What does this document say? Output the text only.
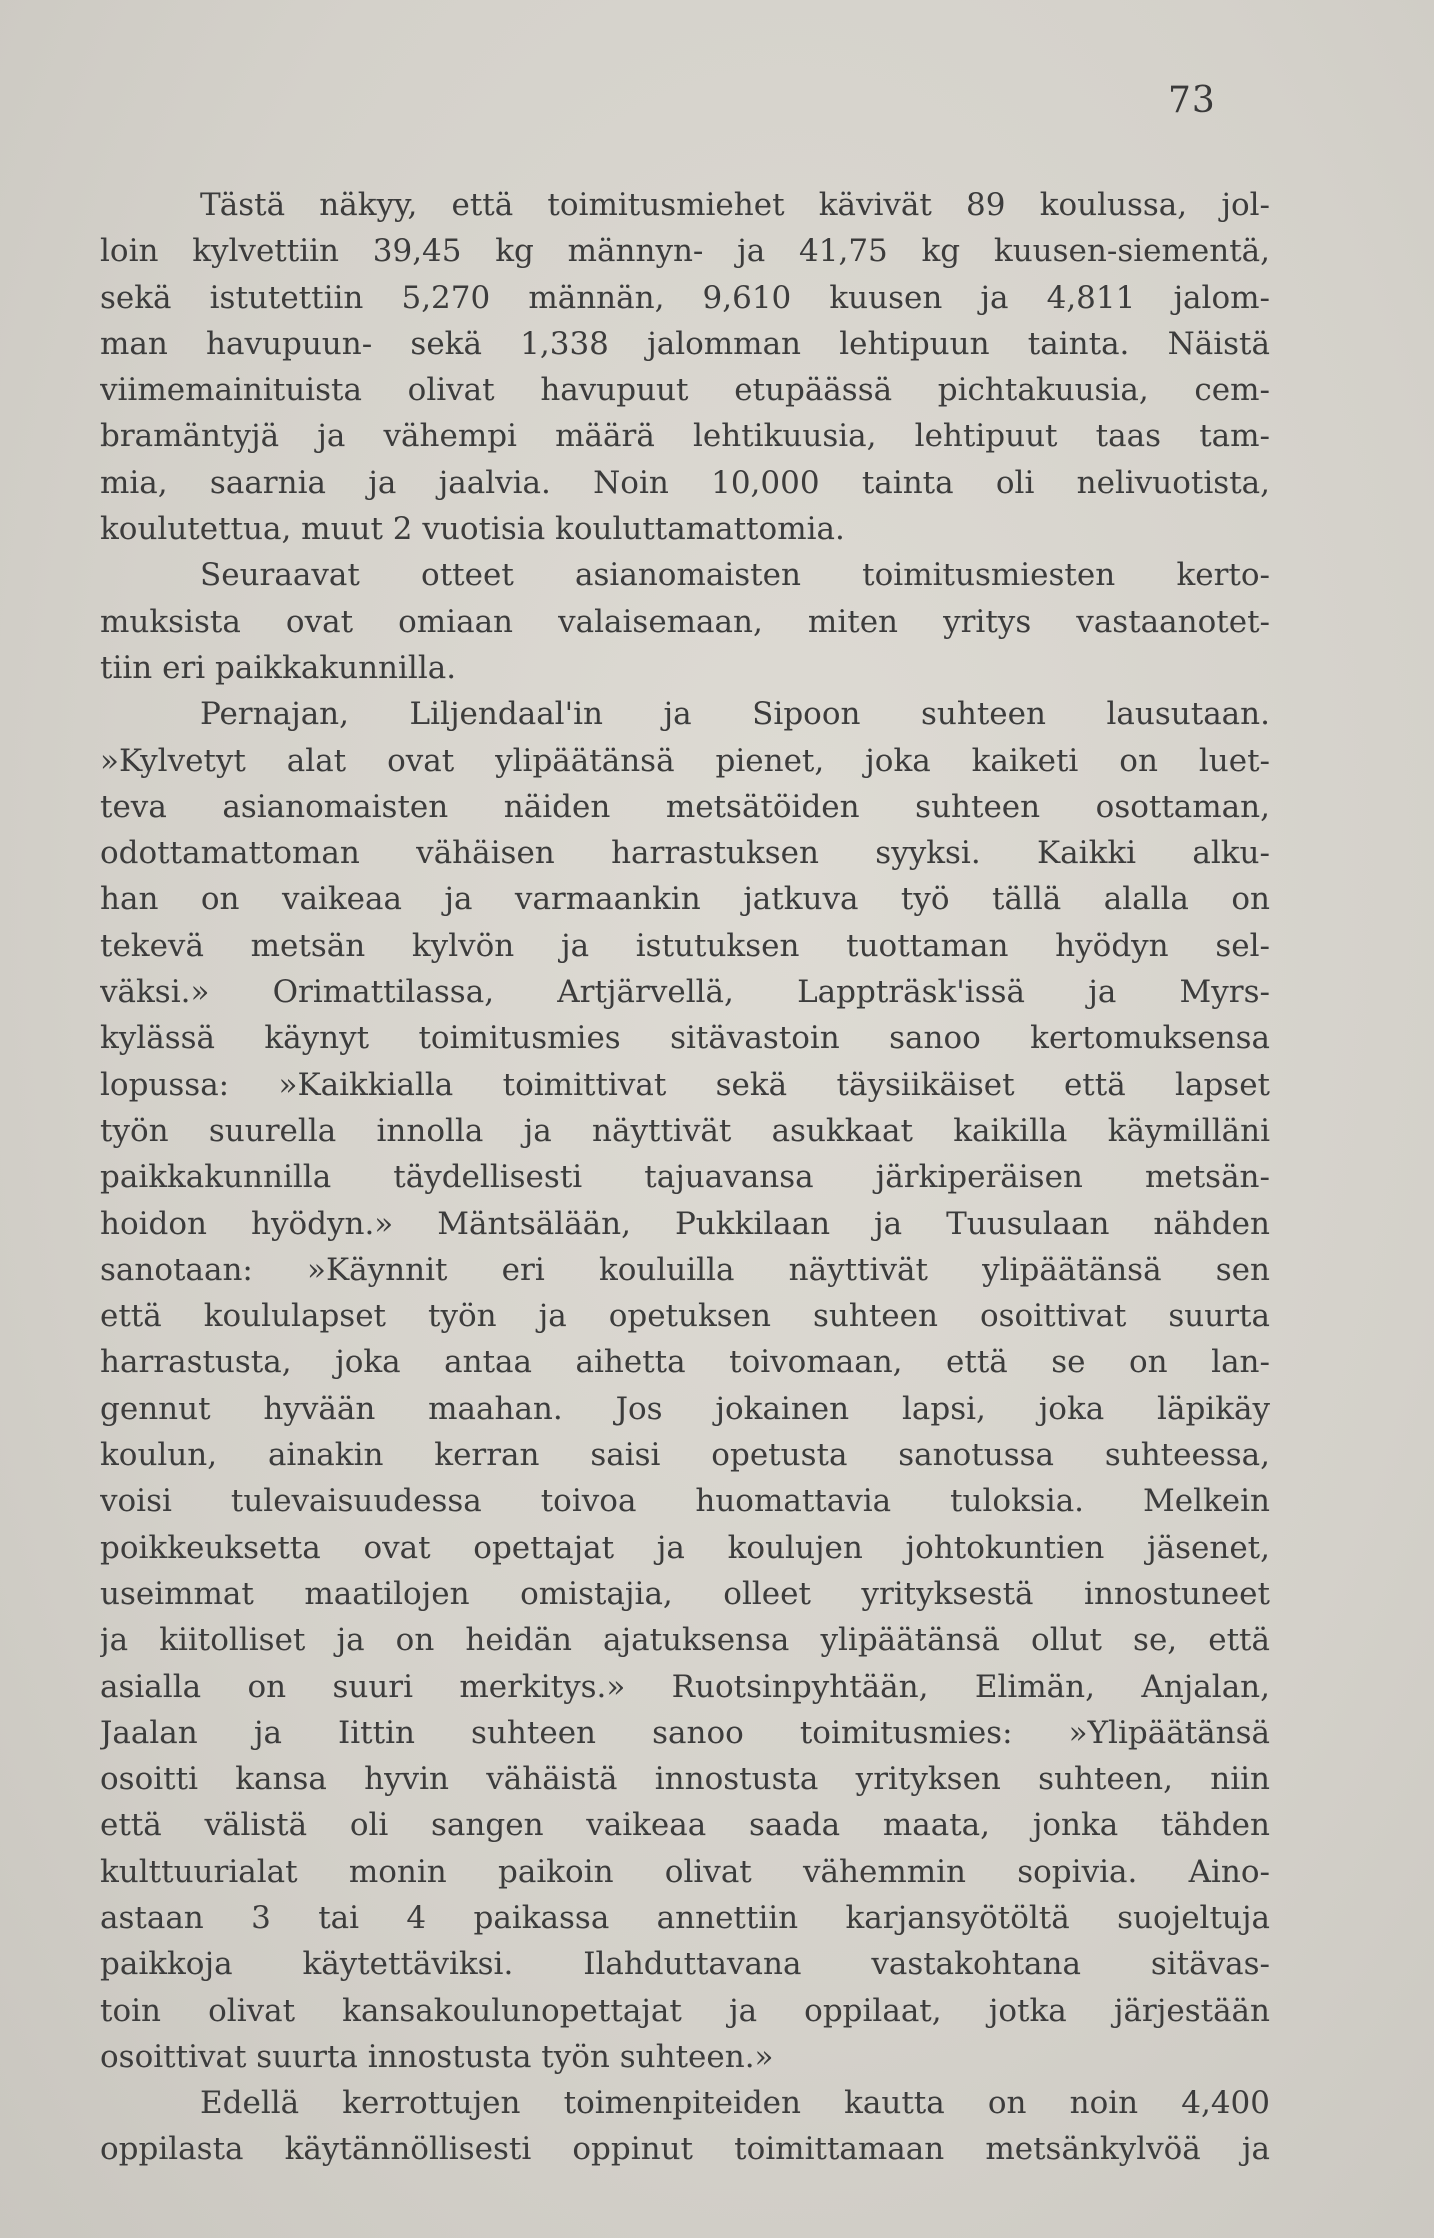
73
Tästä näkyy, että toimitusmiehet kävivät 89 koulussa, jol-
loin kylvettiin 39,45 kg männyn- ja 41,75 kg kuusen-siementä,
sekä istutettiin 5,270 männän, 9,610 kuusen ja 4,811 jalom-
man havupuun- sekä 1,338 jalomman lehtipuun tainta. Näistä
viimemainituista olivat havupuut etupäässä pichtakuusia, cem-
bramäntyjä ja vähempi määrä lehtikuusia, lehtipuut taas tam-
mia, saarnia ja jaalvia. Noin 10,000 tainta oli nelivuotista,
koulutettua, muut 2 vuotisia kouluttamattomia.
Seuraavat otteet asianomaisten toimitusmiesten kerto-
muksista ovat omiaan valaisemaan, miten yritys vastaanotet-
tiin eri paikkakunnilla.
Pernajan, Liljendaal'in ja Sipoon suhteen lausutaan.
»Kylvetyt alat ovat ylipäätänsä pienet, joka kaiketi on luet-
teva asianomaisten näiden metsätöiden suhteen osottaman,
odottamattoman vähäisen harrastuksen syyksi. Kaikki alku-
han on vaikeaa ja varmaankin jatkuva työ tällä alalla on
tekevä metsän kylvön ja istutuksen tuottaman hyödyn sel-
väksi.» Orimattilassa, Artjärvellä, Lappträsk'issä ja Myrs-
kylässä käynyt toimitusmies sitävastoin sanoo kertomuksensa
lopussa: »Kaikkialla toimittivat sekä täysiikäiset että lapset
työn suurella innolla ja näyttivät asukkaat kaikilla käymilläni
paikkakunnilla täydellisesti tajuavansa järkiperäisen metsän-
hoidon hyödyn.» Mäntsälään, Pukkilaan ja Tuusulaan nähden
sanotaan: »Käynnit eri kouluilla näyttivät ylipäätänsä sen
että koululapset työn ja opetuksen suhteen osoittivat suurta
harrastusta, joka antaa aihetta toivomaan, että se on lan-
gennut hyvään maahan. Jos jokainen lapsi, joka läpikäy
koulun, ainakin kerran saisi opetusta sanotussa suhteessa,
voisi tulevaisuudessa toivoa huomattavia tuloksia. Melkein
poikkeuksetta ovat opettajat ja koulujen johtokuntien jäsenet,
useimmat maatilojen omistajia, olleet yrityksestä innostuneet
ja kiitolliset ja on heidän ajatuksensa ylipäätänsä ollut se, että
asialla on suuri merkitys.» Ruotsinpyhtään, Elimän, Anjalan,
Jaalan ja Iittin suhteen sanoo toimitusmies: »Ylipäätänsä
osoitti kansa hyvin vähäistä innostusta yrityksen suhteen, niin
että välistä oli sangen vaikeaa saada maata, jonka tähden
kulttuurialat monin paikoin olivat vähemmin sopivia. Aino-
astaan 3 tai 4 paikassa annettiin karjansyötöltä suojeltuja
paikkoja käytettäviksi. Ilahduttavana vastakohtana sitävas-
toin olivat kansakoulunopettajat ja oppilaat, jotka järjestään
osoittivat suurta innostusta työn suhteen.»
Edellä kerrottujen toimenpiteiden kautta on noin 4,400
oppilasta käytännöllisesti oppinut toimittamaan metsänkylvöä ja
